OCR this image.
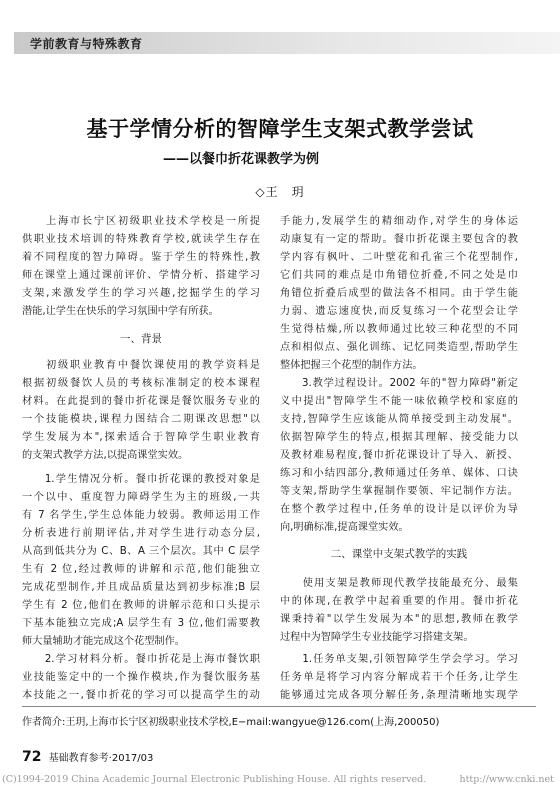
学前教育与特殊教育
基于学情分析的智障学生支架式教学尝试
——以餐巾折花课教学为例
◇王　玥
　　上海市长宁区初级职业技术学校是一所提
供职业技术培训的特殊教育学校,就读学生存在
着不同程度的智力障碍。鉴于学生的特殊性,教
师在课堂上通过课前评价、学情分析、搭建学习
支架,来激发学生的学习兴趣,挖掘学生的学习
潜能,让学生在快乐的学习氛围中学有所获。
一、背景
　　初级职业教育中餐饮课使用的教学资料是
根据初级餐饮人员的考核标准制定的校本课程
材料。在此提到的餐巾折花课是餐饮服务专业的
一个技能模块,课程力图结合二期课改思想"以
学生发展为本",探索适合于智障学生职业教育
的支架式教学方法,以提高课堂实效。
　　1.学生情况分析。餐巾折花课的教授对象是
一个以中、重度智力障碍学生为主的班级,一共
有 7 名学生,学生总体能力较弱。教师运用工作
分析表进行前期评估,并对学生进行动态分层,
从高到低共分为 C、B、A 三个层次。其中 C 层学
生有 2 位,经过教师的讲解和示范,他们能独立
完成花型制作,并且成品质量达到初步标准;B 层
学生有 2 位,他们在教师的讲解示范和口头提示
下基本能独立完成;A 层学生有 3 位,他们需要教
师大量辅助才能完成这个花型制作。
　　2.学习材料分析。餐巾折花是上海市餐饮职
业技能鉴定中的一个操作模块,作为餐饮服务基
本技能之一,餐巾折花的学习可以提高学生的动
手能力,发展学生的精细动作,对学生的身体运
动康复有一定的帮助。餐巾折花课主要包含的教
学内容有枫叶、二叶壁花和孔雀三个花型制作,
它们共同的难点是巾角错位折叠,不同之处是巾
角错位折叠后成型的做法各不相同。由于学生能
力弱、遗忘速度快,而反复练习一个花型会让学
生觉得枯燥,所以教师通过比较三种花型的不同
点和相似点、强化训练、记忆同类造型,帮助学生
整体把握三个花型的制作方法。
　　3.教学过程设计。2002 年的"智力障碍"新定
义中提出"智障学生不能一味依赖学校和家庭的
支持,智障学生应该能从简单接受到主动发展"。
依据智障学生的特点,根据其理解、接受能力以
及教材难易程度,餐巾折花课设计了导入、新授、
练习和小结四部分,教师通过任务单、媒体、口诀
等支架,帮助学生掌握制作要领、牢记制作方法。
在整个教学过程中,任务单的设计是以评价为导
向,明确标准,提高课堂实效。
二、课堂中支架式教学的实践
　　使用支架是教师现代教学技能最充分、最集
中的体现,在教学中起着重要的作用。餐巾折花
课秉持着"以学生发展为本"的思想,教师在教学
过程中为智障学生专业技能学习搭建支架。
　　1.任务单支架,引领智障学生学会学习。学习
任务单是将学习内容分解成若干个任务,让学生
能够通过完成各项分解任务,条理清晰地实现学
作者简介:王玥,上海市长宁区初级职业技术学校,E−mail:wangyue@126.com(上海,200050)
72 基础教育参考·2017/03
(C)1994-2019 China Academic Journal Electronic Publishing House. All rights reserved.	http://www.cnki.net
